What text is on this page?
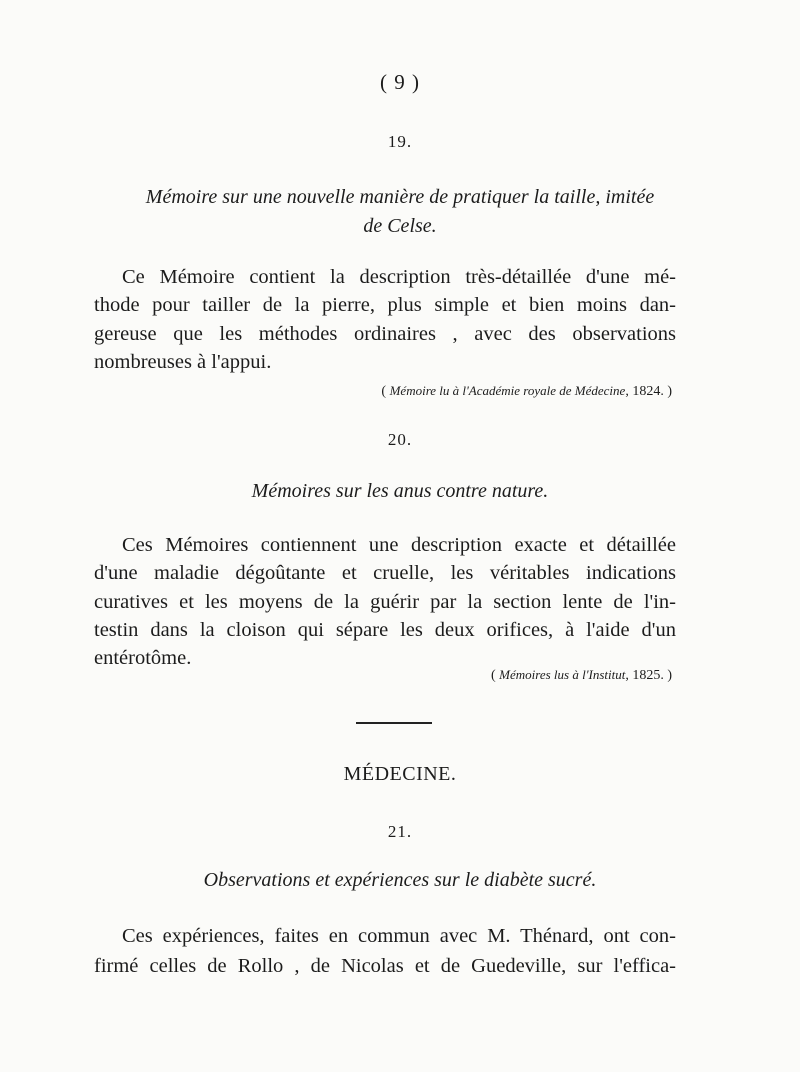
( 9 )
19.
Mémoire sur une nouvelle manière de pratiquer la taille, imitée
de Celse.
Ce Mémoire contient la description très-détaillée d'une mé-
thode pour tailler de la pierre, plus simple et bien moins dan-
gereuse que les méthodes ordinaires , avec des observations
nombreuses à l'appui.
( Mémoire lu à l'Académie royale de Médecine, 1824. )
20.
Mémoires sur les anus contre nature.
Ces Mémoires contiennent une description exacte et détaillée
d'une maladie dégoûtante et cruelle, les véritables indications
curatives et les moyens de la guérir par la section lente de l'in-
testin dans la cloison qui sépare les deux orifices, à l'aide d'un
entérotôme.
( Mémoires lus à l'Institut, 1825. )
MÉDECINE.
21.
Observations et expériences sur le diabète sucré.
Ces expériences, faites en commun avec M. Thénard, ont con-
firmé celles de Rollo , de Nicolas et de Guedeville, sur l'effica-
